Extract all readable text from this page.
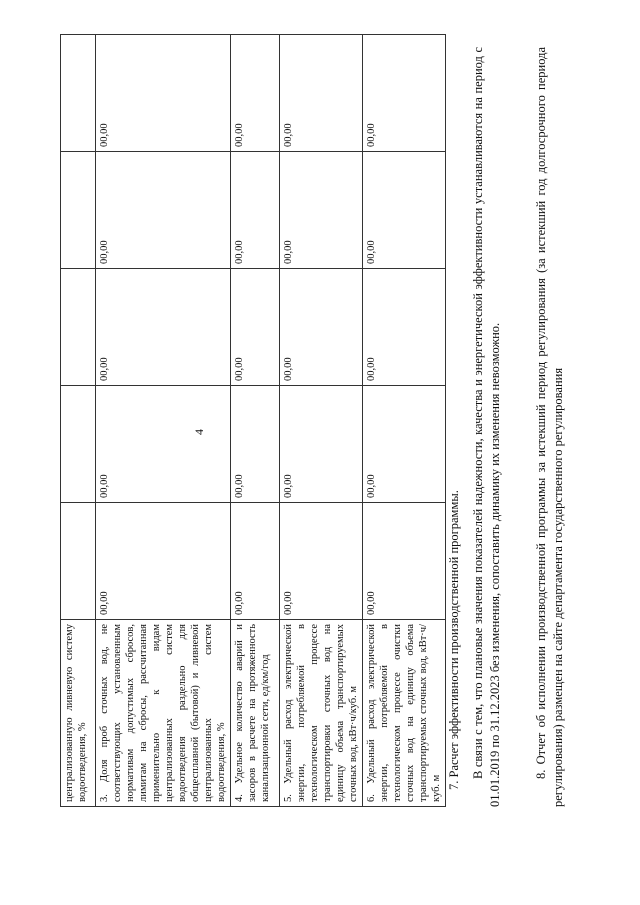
4
централизованную ливневую систему водоотведения, %					
3. Доля проб сточных вод, не соответствующих установленным нормативам допустимых сбросов, лимитам на сбросы, рассчитанная применительно к видам централизованных систем водоотведения раздельно для общесплавной (бытовой) и ливневой централизованных систем водоотведения, %	00,00	00,00	00,00	00,00	00,00
4. Удельное количество аварий и засоров в расчете на протяженность канализационной сети, ед/км/год	00,00	00,00	00,00	00,00	00,00
5. Удельный расход электрической энергии, потребляемой в технологическом процессе транспортировки сточных вод на единицу объема транспортируемых сточных вод, кВт·ч/куб. м	00,00	00,00	00,00	00,00	00,00
6. Удельный расход электрической энергии, потребляемой в технологическом процессе очистки сточных вод на единицу объема транспортируемых сточных вод, кВт·ч/куб. м	00,00	00,00	00,00	00,00	00,00
7. Расчет эффективности производственной программы. В связи с тем, что плановые значения показателей надежности, качества и энергетической эффективности устанавливаются на период с 01.01.2019 по 31.12.2023 без изменения, сопоставить динамику их изменения невозможно.	8. Отчет об исполнении производственной программы за истекший период регулирования (за истекший год долгосрочного периода регулирования) размещен на сайте департамента государственного регулирования
